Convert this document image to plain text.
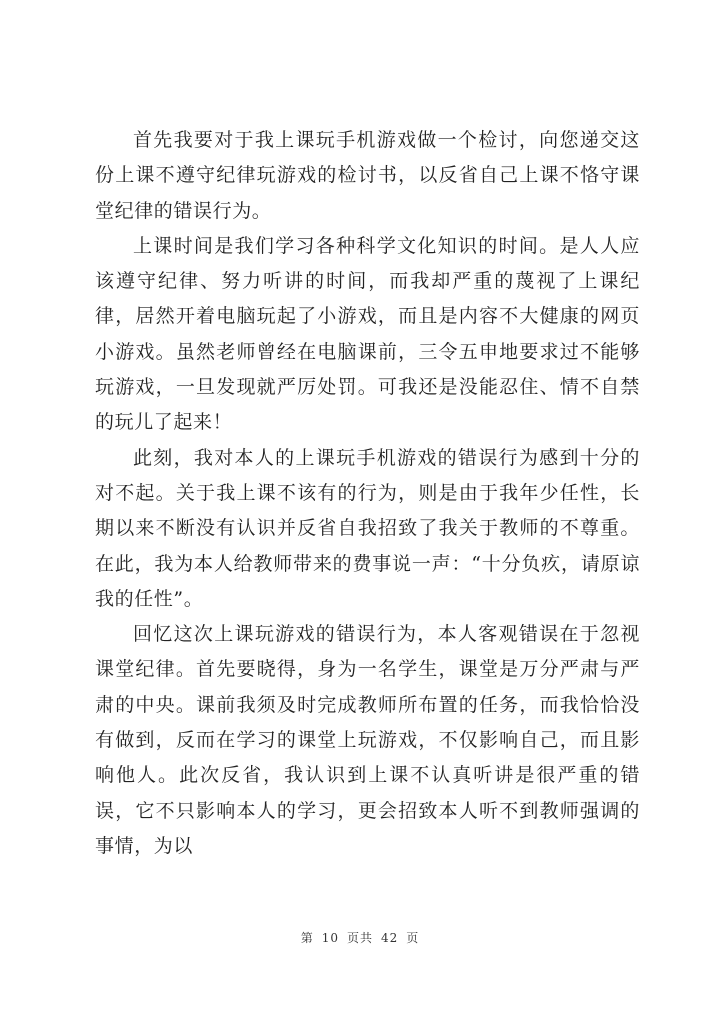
首先我要对于我上课玩手机游戏做一个检讨，向您递交这份上课不遵守纪律玩游戏的检讨书，以反省自己上课不恪守课堂纪律的错误行为。

上课时间是我们学习各种科学文化知识的时间。是人人应该遵守纪律、努力听讲的时间，而我却严重的蔑视了上课纪律，居然开着电脑玩起了小游戏，而且是内容不大健康的网页小游戏。虽然老师曾经在电脑课前，三令五申地要求过不能够玩游戏，一旦发现就严厉处罚。可我还是没能忍住、情不自禁的玩儿了起来！

此刻，我对本人的上课玩手机游戏的错误行为感到十分的对不起。关于我上课不该有的行为，则是由于我年少任性，长期以来不断没有认识并反省自我招致了我关于教师的不尊重。在此，我为本人给教师带来的费事说一声：“十分负疚，请原谅我的任性”。

回忆这次上课玩游戏的错误行为，本人客观错误在于忽视课堂纪律。首先要晓得，身为一名学生，课堂是万分严肃与严肃的中央。课前我须及时完成教师所布置的任务，而我恰恰没有做到，反而在学习的课堂上玩游戏，不仅影响自己，而且影响他人。此次反省，我认识到上课不认真听讲是很严重的错误，它不只影响本人的学习，更会招致本人听不到教师强调的事情，为以

第 10 页共 42 页
